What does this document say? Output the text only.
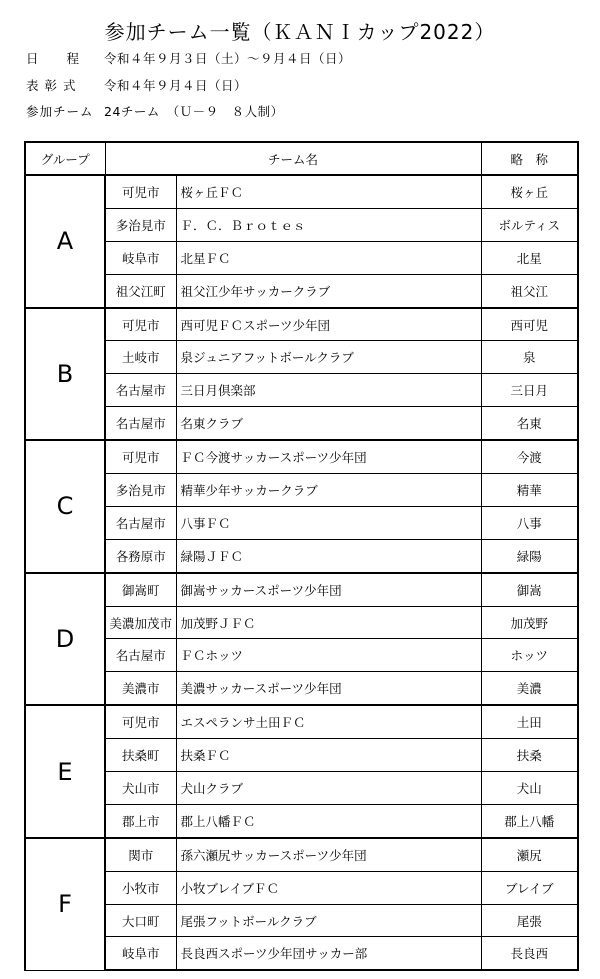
参加チーム一覧（ＫＡＮＩカップ2022）
日　　程 令和４年９月３日（土）～９月４日（日）
表 彰 式 令和４年９月４日（日）
参加チーム 24チーム　（Ｕ－９　８人制）
グループ	チーム名		略　称
A	可児市	桜ヶ丘ＦＣ	桜ヶ丘
	多治見市	Ｆ．Ｃ．Ｂｒｏｔｅｓ	ボルティス
	岐阜市	北星ＦＣ	北星
	祖父江町	祖父江少年サッカークラブ	祖父江
B	可児市	西可児ＦＣスポーツ少年団	西可児
	土岐市	泉ジュニアフットボールクラブ	泉
	名古屋市	三日月倶楽部	三日月
	名古屋市	名東クラブ	名東
C	可児市	ＦＣ今渡サッカースポーツ少年団	今渡
	多治見市	精華少年サッカークラブ	精華
	名古屋市	八事ＦＣ	八事
	各務原市	緑陽ＪＦＣ	緑陽
D	御嵩町	御嵩サッカースポーツ少年団	御嵩
	美濃加茂市	加茂野ＪＦＣ	加茂野
	名古屋市	ＦＣホッツ	ホッツ
	美濃市	美濃サッカースポーツ少年団	美濃
E	可児市	エスペランサ土田ＦＣ	土田
	扶桑町	扶桑ＦＣ	扶桑
	犬山市	犬山クラブ	犬山
	郡上市	郡上八幡ＦＣ	郡上八幡
F	関市	孫六瀬尻サッカースポーツ少年団	瀬尻
	小牧市	小牧ブレイブＦＣ	ブレイブ
	大口町	尾張フットボールクラブ	尾張
	岐阜市	長良西スポーツ少年団サッカー部	長良西
